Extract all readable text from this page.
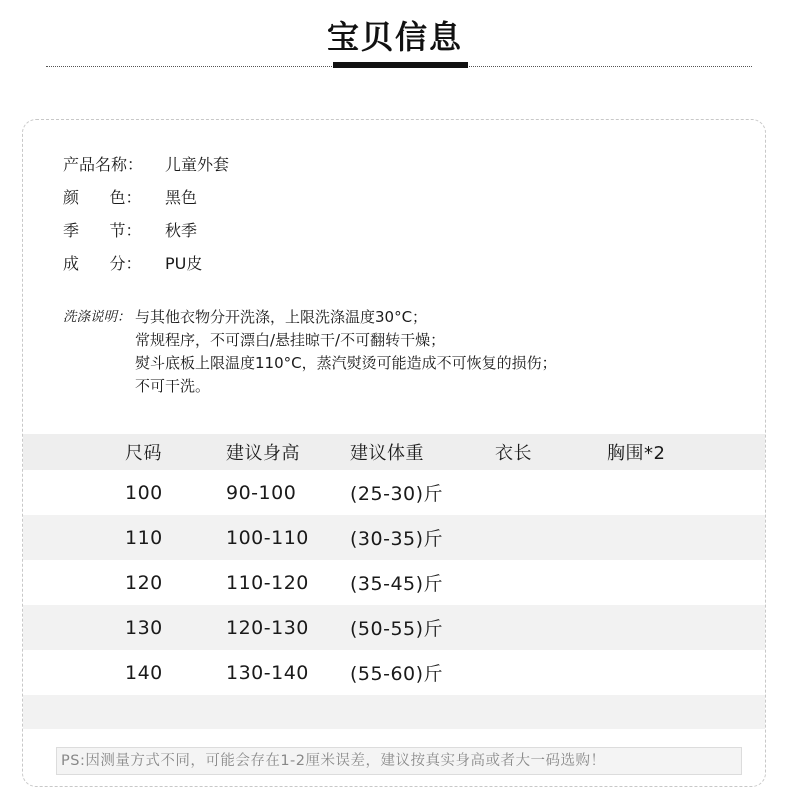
宝贝信息
产品名称：	儿童外套
颜      色：	黑色
季      节：	秋季
成      分：	PU皮
洗涤说明： 与其他衣物分开洗涤，上限洗涤温度30°C；
常规程序，不可漂白/悬挂晾干/不可翻转干燥；
熨斗底板上限温度110°C，蒸汽熨烫可能造成不可恢复的损伤；
不可干洗。
尺码	建议身高	建议体重	衣长	胸围*2
100	90-100	(25-30)斤
110	100-110 (30-35)斤
120	110-120 (35-45)斤
130	120-130 (50-55)斤
140	130-140 (55-60)斤
PS:因测量方式不同，可能会存在1-2厘米误差，建议按真实身高或者大一码选购！
